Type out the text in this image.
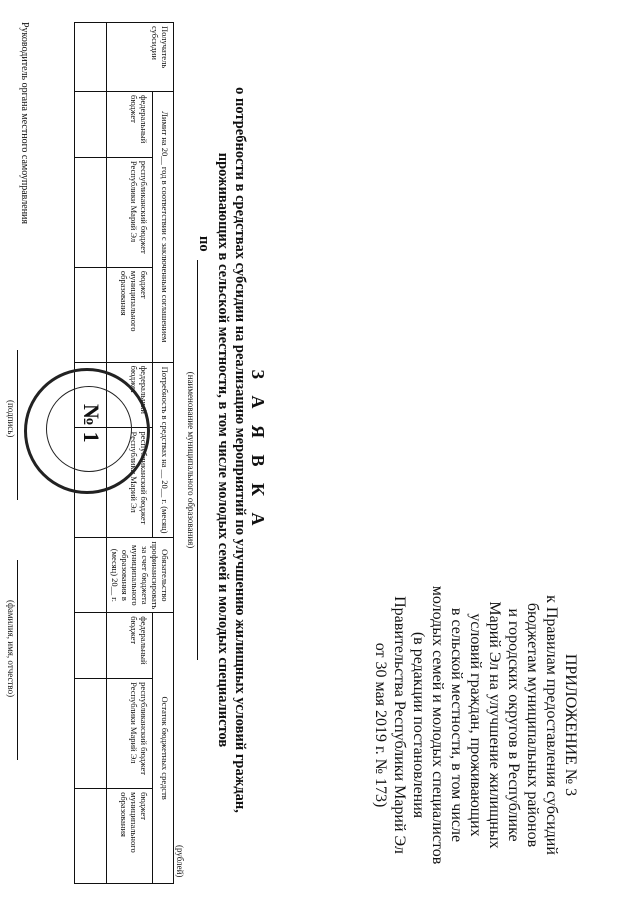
ПРИЛОЖЕНИЕ № 3
к Правилам предоставления субсидий
бюджетам муниципальных районов
и городских округов в Республике
Марий Эл на улучшение жилищных
условий граждан, проживающих
в сельской местности, в том числе
молодых семей и молодых специалистов
(в редакции постановления
Правительства Республики Марий Эл
от 30 мая 2019 г. № 173)
З А Я В К А
о потребности в средствах субсидии на реализацию мероприятий по улучшению жилищных условий граждан, проживающих в сельской местности, в том числе молодых семей и молодых специалистов
по
(наименование муниципального образования)
(рублей)
Получатель субсидии	Лимит на 20__ год в соответствии с заключенным соглашением			Потребность в средствах на __ 20__ г. (месяц)		Обязательство профинансировать за счет бюджета муниципального образования в (месяц) 20__ г.	Остаток бюджетных средств		
	федеральный бюджет	республиканский бюджет Республики Марий Эл	бюджет муниципального образования	федеральный бюджет	республиканский бюджет Республики Марий Эл		федеральный бюджет	республиканский бюджет Республики Марий Эл	бюджет муниципального образования

Руководитель органа местного самоуправления
(подпись)
(фамилия, имя, отчество)
№ 1
